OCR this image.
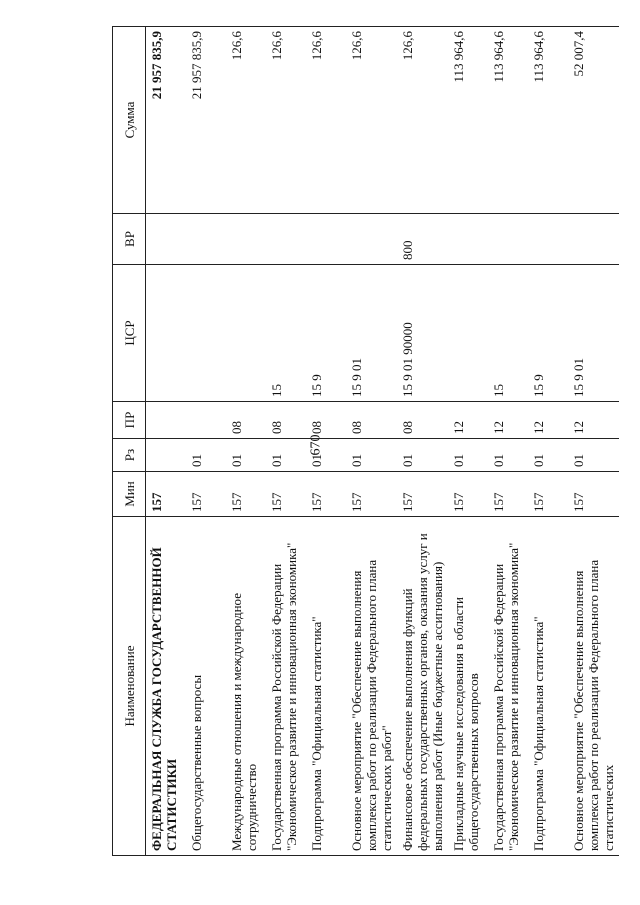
670
Наименование	Мин	Рз	ПР	ЦСР	ВР	Сумма
ФЕДЕРАЛЬНАЯ СЛУЖБА ГОСУДАРСТВЕННОЙ СТАТИСТИКИ	157					21 957 835,9
Общегосударственные вопросы	157	01				21 957 835,9
Международные отношения и международное сотрудничество	157	01	08			126,6
Государственная программа Российской Федерации "Экономическое развитие и инновационная экономика"	157	01	08	15		126,6
Подпрограмма "Официальная статистика"	157	01	08	15 9		126,6
Основное мероприятие "Обеспечение выполнения комплекса работ по реализации Федерального плана статистических работ"	157	01	08	15 9 01		126,6
Финансовое обеспечение выполнения функций федеральных государственных органов, оказания услуг и выполнения работ (Иные бюджетные ассигнования)	157	01	08	15 9 01 90000	800	126,6
Прикладные научные исследования в области общегосударственных вопросов	157	01	12			113 964,6
Государственная программа Российской Федерации "Экономическое развитие и инновационная экономика"	157	01	12	15		113 964,6
Подпрограмма "Официальная статистика"	157	01	12	15 9		113 964,6
Основное мероприятие "Обеспечение выполнения комплекса работ по реализации Федерального плана статистических	157	01	12	15 9 01		52 007,4
